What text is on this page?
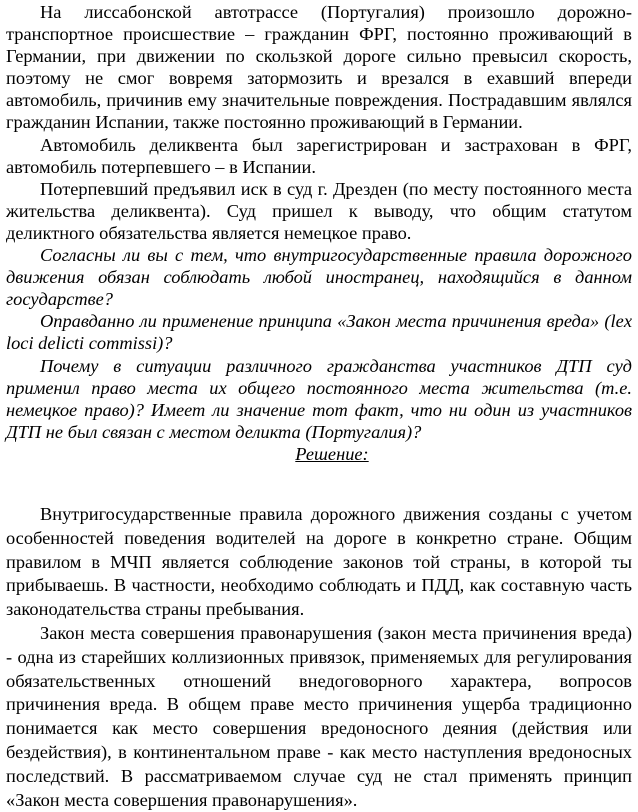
На лиссабонской автотрассе (Португалия) произошло дорожно-транспортное происшествие – гражданин ФРГ, постоянно проживающий в Германии, при движении по скользкой дороге сильно превысил скорость, поэтому не смог вовремя затормозить и врезался в ехавший впереди автомобиль, причинив ему значительные повреждения. Пострадавшим являлся гражданин Испании, также постоянно проживающий в Германии.

Автомобиль деликвента был зарегистрирован и застрахован в ФРГ, автомобиль потерпевшего – в Испании.

Потерпевший предъявил иск в суд г. Дрезден (по месту постоянного места жительства деликвента). Суд пришел к выводу, что общим статутом деликтного обязательства является немецкое право.

Согласны ли вы с тем, что внутригосударственные правила дорожного движения обязан соблюдать любой иностранец, находящийся в данном государстве?

Оправданно ли применение принципа «Закон места причинения вреда» (lex loci delicti commissi)?

Почему в ситуации различного гражданства участников ДТП суд применил право места их общего постоянного места жительства (т.е. немецкое право)? Имеет ли значение тот факт, что ни один из участников ДТП не был связан с местом деликта (Португалия)?

Решение:

Внутригосударственные правила дорожного движения созданы с учетом особенностей поведения водителей на дороге в конкретно стране. Общим правилом в МЧП является соблюдение законов той страны, в которой ты прибываешь. В частности, необходимо соблюдать и ПДД, как составную часть законодательства страны пребывания.

Закон места совершения правонарушения (закон места причинения вреда) - одна из старейших коллизионных привязок, применяемых для регулирования обязательственных отношений внедоговорного характера, вопросов причинения вреда. В общем праве место причинения ущерба традиционно понимается как место совершения вредоносного деяния (действия или бездействия), в континентальном праве - как место наступления вредоносных последствий. В рассматриваемом случае суд не стал применять принцип «Закон места совершения правонарушения».
